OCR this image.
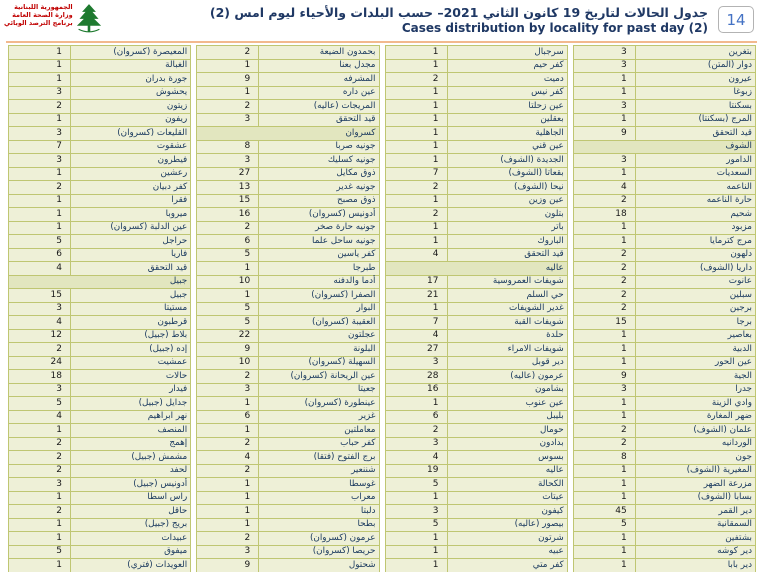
الجمهورية اللبنانية
وزارة الصحة العامة
برنامج الترصد الوبائي
جدول الحالات لتاريخ 19 كانون الثاني 2021– حسب البلدات والأحياء ليوم امس (2)
Cases distribution by locality for past day (2)	14
بتغرين
3
دوار (المتن)
3
عيرون
1
زبوغا
1
بسكنتا
3
المرج (بسكنتا)
1
قيد التحقق
9
الشوف
الدامور
3
السعديات
1
الناعمه
4
حارة الناعمه
2
شحيم
18
مزبود
1
مرج كترمايا
1
دلهون
2
داريا (الشوف)
2
عانوت
2
سبلين
2
برجين
2
برجا
15
بعاصير
1
الدبية
1
عين الحور
1
الجية
9
جدرا
3
وادي الزينة
1
ضهر المغارة
1
علمان (الشوف)
2
الوردانيه
2
جون
8
المغيرية (الشوف)
1
مزرعة الضهر
1
بسابا (الشوف)
1
دير القمر
45
السمقانية
5
بشتفين
1
دير كوشه
1
دير بابا
1
سرجبال
1
كفر حيم
1
دميت
2
كفر نيس
1
عين زحلتا
1
بعقلين
1
الجاهلية
1
عين قني
1
الجديدة (الشوف)
1
بقعاتا (الشوف)
7
نيحا (الشوف)
2
عين وزين
1
بتلون
2
باتر
1
الباروك
1
قيد التحقق
4
عاليه
شويفات العمروسية
17
حي السلم
21
غدير الشويفات
1
شويفات القبة
7
حلدة
4
شويفات الامراء
27
دير قوبل
3
عرمون (عاليه)
28
بشامون
16
عين عنوب
1
بليبل
6
حومال
2
بدادون
3
بسوس
4
عاليه
19
الكحالة
5
عيتات
1
كيفون
3
بيصور (عاليه)
5
شرتون
1
عبيه
1
كفر متي
1
بحمدون الضيعة
2
مجدل بعنا
1
المشرفه
9
عين داره
1
المريجات (عاليه)
2
قيد التحقق
3
كسروان
جونيه صربا
8
جونيه كسليك
3
ذوق مكايل
27
جونيه غدير
13
ذوق مصبح
15
أدونيس (كسروان)
16
جونيه حارة صخر
2
جونيه ساحل علما
6
كفر ياسين
5
طبرجا
1
أدما والدفنه
10
الصفرا (كسروان)
1
البوار
5
العقيبة (كسروان)
5
عجلتون
22
البلونة
9
السهيلة (كسروان)
10
عين الريحانة (كسروان)
2
جعيتا
3
عينطورة (كسروان)
1
غزير
6
معاملتين
1
كفر حباب
2
برج الفتوح (فتقا)
4
شننعير
2
غوسطا
1
معراب
1
دلبتا
1
بطحا
1
عرمون (كسروان)
2
حريصا (كسروان)
3
شحتول
9
المعيصرة (كسروان)
1
الغبالة
1
جورة بدران
1
يحشوش
3
زيتون
2
ريفون
1
القليعات (كسروان)
3
عشقوت
7
فيطرون
3
رعشين
1
كفر دبيان
2
فقرا
1
ميروبا
1
عين الدلبة (كسروان)
1
حراجل
5
فاريا
6
قيد التحقق
4
جبيل
جبيل
15
مستيتا
3
قرطبون
4
بلاط (جبيل)
12
إده (جبيل)
2
عمشيت
24
حالات
18
فيدار
3
جدايل (جبيل)
5
نهر ابراهيم
4
المنصف
1
إهمج
2
مشمش (جبيل)
2
لحفد
2
أدونيس (جبيل)
3
راس اسطا
1
حاقل
2
بريج (جبيل)
1
عبيدات
1
ميفوق
5
العويدات (فتري)
1
